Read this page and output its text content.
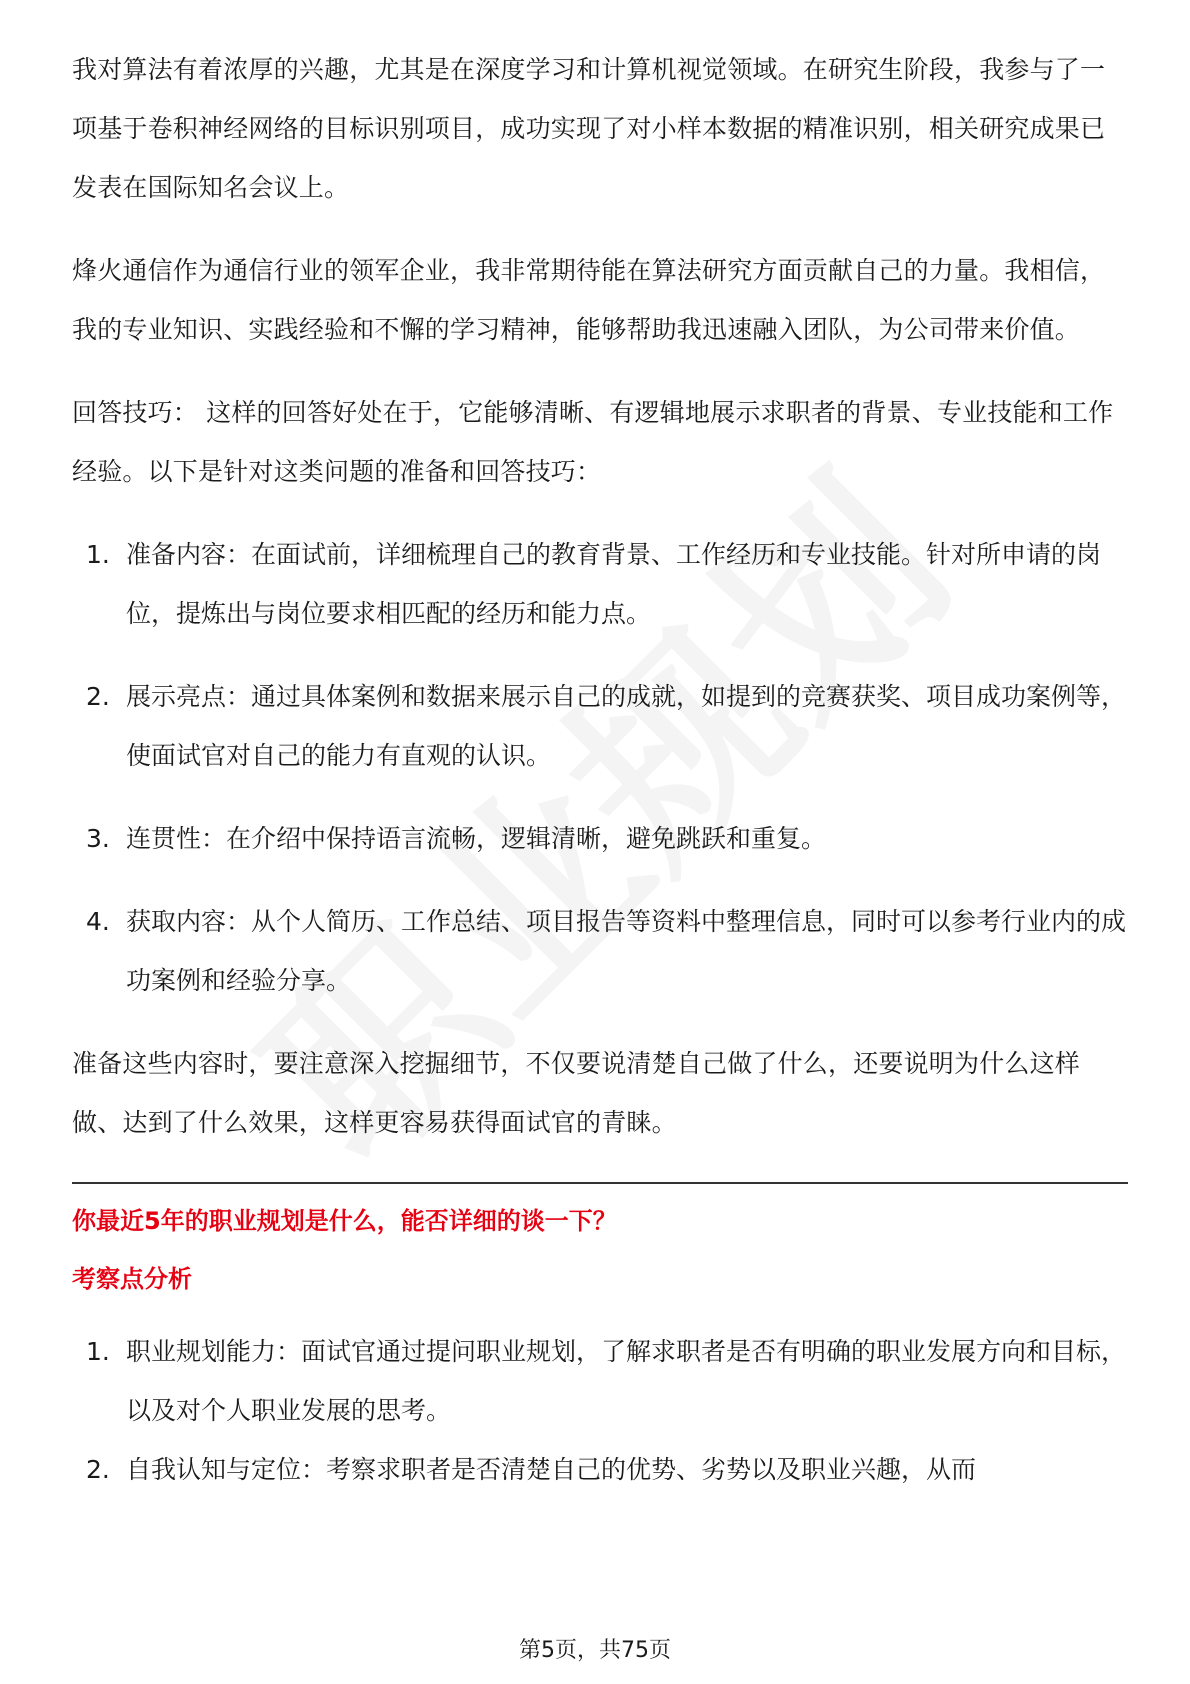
我对算法有着浓厚的兴趣，尤其是在深度学习和计算机视觉领域。在研究生阶段，我参与了一项基于卷积神经网络的目标识别项目，成功实现了对小样本数据的精准识别，相关研究成果已发表在国际知名会议上。

烽火通信作为通信行业的领军企业，我非常期待能在算法研究方面贡献自己的力量。我相信，我的专业知识、实践经验和不懈的学习精神，能够帮助我迅速融入团队，为公司带来价值。

回答技巧： 这样的回答好处在于，它能够清晰、有逻辑地展示求职者的背景、专业技能和工作经验。以下是针对这类问题的准备和回答技巧：

1. 准备内容：在面试前，详细梳理自己的教育背景、工作经历和专业技能。针对所申请的岗位，提炼出与岗位要求相匹配的经历和能力点。
2. 展示亮点：通过具体案例和数据来展示自己的成就，如提到的竞赛获奖、项目成功案例等，使面试官对自己的能力有直观的认识。
3. 连贯性：在介绍中保持语言流畅，逻辑清晰，避免跳跃和重复。
4. 获取内容：从个人简历、工作总结、项目报告等资料中整理信息，同时可以参考行业内的成功案例和经验分享。

准备这些内容时，要注意深入挖掘细节，不仅要说清楚自己做了什么，还要说明为什么这样做、达到了什么效果，这样更容易获得面试官的青睐。

你最近5年的职业规划是什么，能否详细的谈一下？
考察点分析
1. 职业规划能力：面试官通过提问职业规划，了解求职者是否有明确的职业发展方向和目标，以及对个人职业发展的思考。
2. 自我认知与定位：考察求职者是否清楚自己的优势、劣势以及职业兴趣，从而
第5页，共75页
